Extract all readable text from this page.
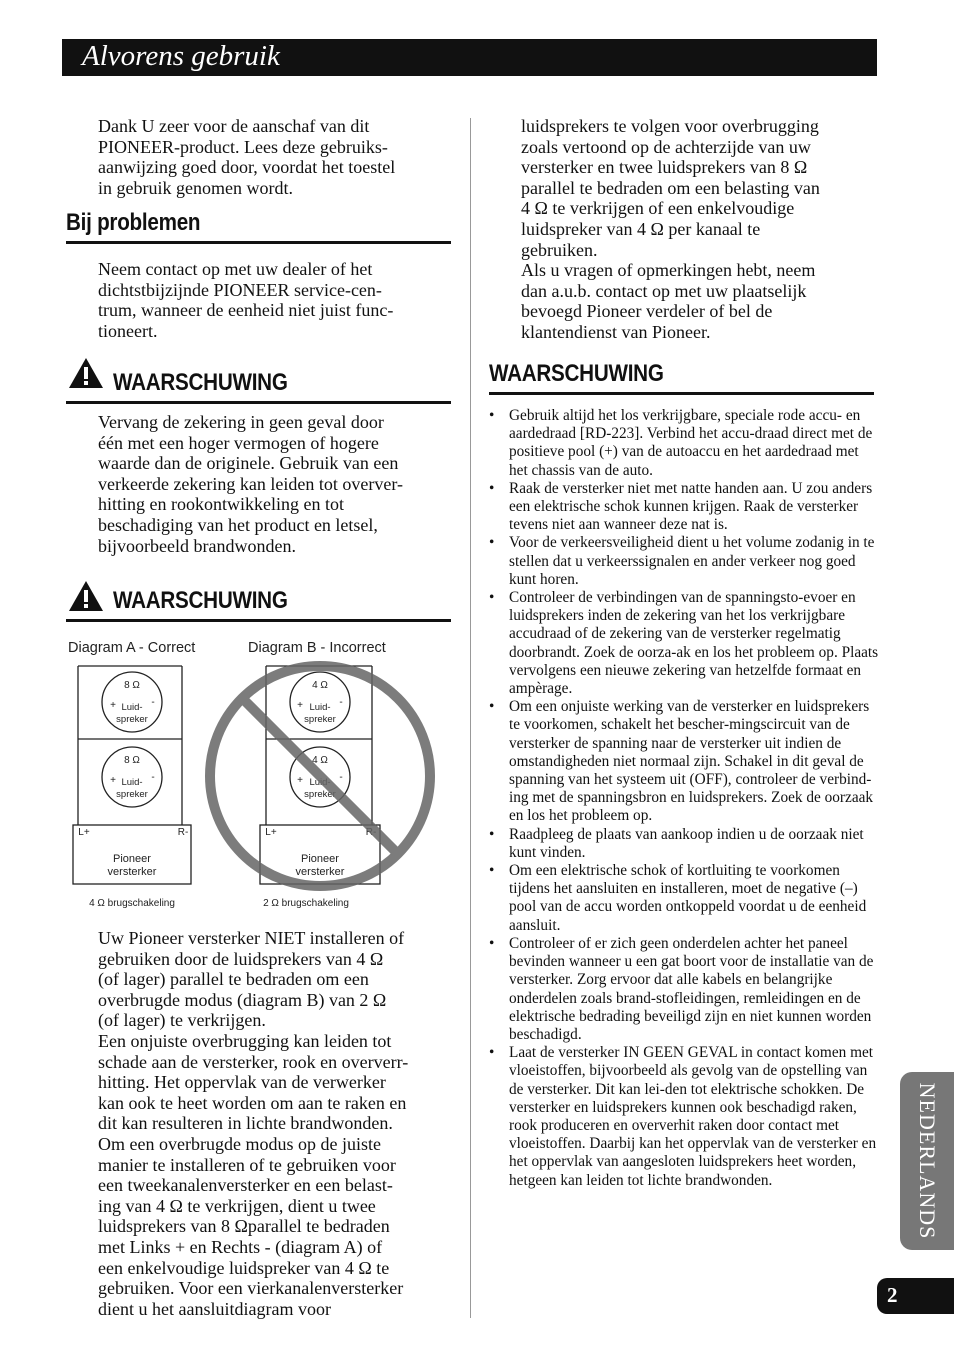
Alvorens gebruik
Dank U zeer voor de aanschaf van dit
PIONEER-product. Lees deze gebruiks-
aanwijzing goed door, voordat het toestel
in gebruik genomen wordt.
Bij problemen
Neem contact op met uw dealer of het
dichtstbijzijnde PIONEER service-cen-
trum, wanneer de eenheid niet juist func-
tioneert.
WAARSCHUWING
Vervang de zekering in geen geval door
één met een hoger vermogen of hogere
waarde dan de originele. Gebruik van een
verkeerde zekering kan leiden tot overver-
hitting en rookontwikkeling en tot
beschadiging van het product en letsel,
bijvoorbeeld brandwonden.
WAARSCHUWING
Diagram A - Correct	Diagram B - Incorrect
8 Ω
Luid-
spreker
+	-
8 Ω
Luid-
spreker
+	-
L+	R-
Pioneer
versterker
4 Ω brugschakeling
4 Ω
Luid-
spreker
+	-
4 Ω
Luid-
spreker
+	-
L+	R-
Pioneer
versterker
2 Ω brugschakeling
Uw Pioneer versterker NIET installeren of
gebruiken door de luidsprekers van 4 Ω
(of lager) parallel te bedraden om een
overbrugde modus (diagram B) van 2 Ω
(of lager) te verkrijgen.
Een onjuiste overbrugging kan leiden tot
schade aan de versterker, rook en oververr-
hitting. Het oppervlak van de verwerker
kan ook te heet worden om aan te raken en
dit kan resulteren in lichte brandwonden.
Om een overbrugde modus op de juiste
manier te installeren of te gebruiken voor
een tweekanalenversterker en een belast-
ing van 4 Ω te verkrijgen, dient u twee
luidsprekers van 8 Ωparallel te bedraden
met Links + en Rechts - (diagram A) of
een enkelvoudige luidspreker van 4 Ω te
gebruiken. Voor een vierkanalenversterker
dient u het aansluitdiagram voor
luidsprekers te volgen voor overbrugging
zoals vertoond op de achterzijde van uw
versterker en twee luidsprekers van 8 Ω
parallel te bedraden om een belasting van
4 Ω te verkrijgen of een enkelvoudige
luidspreker van 4 Ω per kanaal te
gebruiken.
Als u vragen of opmerkingen hebt, neem
dan a.u.b. contact op met uw plaatselijk
bevoegd Pioneer verdeler of bel de
klantendienst van Pioneer.
WAARSCHUWING
• Gebruik altijd het los verkrijgbare, speciale rode accu- en aardedraad [RD-223]. Verbind het accu-draad direct met de positieve pool (+) van de autoaccu en het aardedraad met het chassis van de auto.
• Raak de versterker niet met natte handen aan. U zou anders een elektrische schok kunnen krijgen. Raak de versterker tevens niet aan wanneer deze nat is.
• Voor de verkeersveiligheid dient u het volume zodanig in te stellen dat u verkeerssignalen en ander verkeer nog goed kunt horen.
• Controleer de verbindingen van de spanningsto-evoer en luidsprekers inden de zekering van het los verkrijgbare accudraad of de zekering van de versterker regelmatig doorbrandt. Zoek de oorza-ak en los het probleem op. Plaats vervolgens een nieuwe zekering van hetzelfde formaat en ampèrage.
• Om een onjuiste werking van de versterker en luidsprekers te voorkomen, schakelt het bescher-mingscircuit van de versterker de spanning naar de versterker uit indien de omstandigheden niet normaal zijn. Schakel in dit geval de spanning van het systeem uit (OFF), controleer de verbind-ing met de spanningsbron en luidsprekers. Zoek de oorzaak en los het probleem op.
• Raadpleeg de plaats van aankoop indien u de oorzaak niet kunt vinden.
• Om een elektrische schok of kortluiting te voorkomen tijdens het aansluiten en installeren, moet de negative (–) pool van de accu worden ontkoppeld voordat u de eenheid aansluit.
• Controleer of er zich geen onderdelen achter het paneel bevinden wanneer u een gat boort voor de installatie van de versterker. Zorg ervoor dat alle kabels en belangrijke onderdelen zoals brand-stofleidingen, remleidingen en de elektrische bedrading beveiligd zijn en niet kunnen worden beschadigd.
• Laat de versterker IN GEEN GEVAL in contact komen met vloeistoffen, bijvoorbeeld als gevolg van de opstelling van de versterker. Dit kan lei-den tot elektrische schokken. De versterker en luidsprekers kunnen ook beschadigd raken, rook produceren en oververhit raken door contact met vloeistoffen. Daarbij kan het oppervlak van de versterker en het oppervlak van aangesloten luidsprekers heet worden, hetgeen kan leiden tot lichte brandwonden.	NEDERLANDS
2
